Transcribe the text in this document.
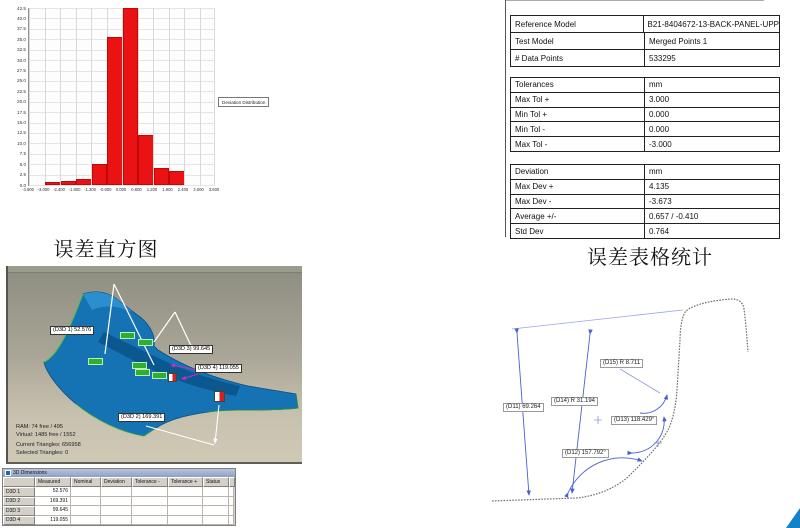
Deviation Distribution
42.5
40.0
37.5
35.0
32.5
30.0
27.5
25.0
22.5
20.0
17.5
15.0
12.5
10.0
7.5
5.0
2.5
0.0
-3.600 -3.000 -2.400 -1.800 -1.200 -0.600 0.000 0.600 1.200 1.800 2.400 3.000 3.600
误差直方图
Reference Model	B21-8404672-13-BACK-PANEL-UPP
Test Model	Merged Points 1
# Data Points	533295
Tolerances	mm
Max Tol +	3.000
Min Tol +	0.000
Min Tol -	0.000
Max Tol -	-3.000
Deviation	mm
Max Dev +	4.135
Max Dev -	-3.673
Average +/-	0.657 / -0.410
Std Dev	0.764
误差表格统计
(D3D 1) 52.576
(D3D 3) 99.645
(D3D 4) 119.055
(D3D 2) 169.391
RAM: 74 free / 495
Virtual: 1485 free / 1552
Current Triangles: 656958
Selected Triangles: 0
3D Dimensions
Measured	Nominal	Deviation	Tolerance -	Tolerance +	Status
D3D 1	52.576
D3D 2	169.391
D3D 3	99.645
D3D 4	119.055
(D11) 69.264
(D14) R 31.194
(D15) R 8.711
(D13) 118.429°
(D12) 157.792°
